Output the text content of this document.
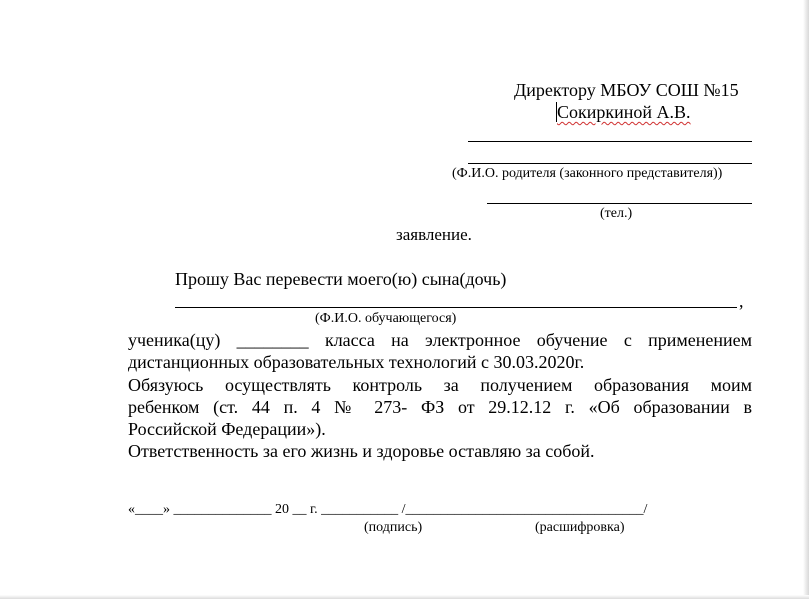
Директору МБОУ СОШ №15
Сокиркиной А.В.
(Ф.И.О. родителя (законного представителя))
(тел.)
заявление.
Прошу Вас перевести моего(ю) сына(дочь)
,
(Ф.И.О. обучающегося)
ученика(цу) ________ класса на электронное обучение с применением
дистанционных образовательных технологий с 30.03.2020г.
Обязуюсь осуществлять контроль за получением образования моим
ребенком (ст. 44 п. 4 № 273- ФЗ от 29.12.12 г. «Об образовании в
Российской Федерации»).
Ответственность за его жизнь и здоровье оставляю за собой.
«____» ______________ 20 __ г. ___________ /__________________________________/
(подпись)	(расшифровка)
